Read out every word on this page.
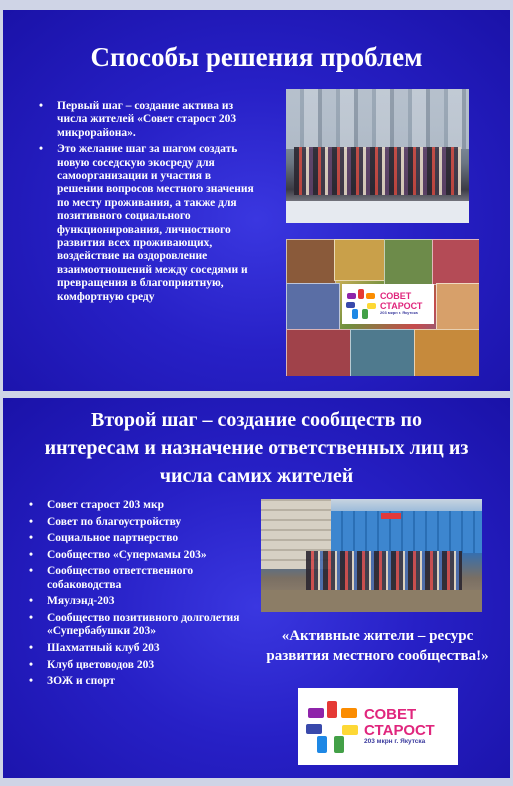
Способы решения проблем
• Первый шаг – создание актива из числа жителей «Совет старост 203 микрорайона».
• Это желание шаг за шагом создать новую соседскую экосреду для самоорганизации и участия в решении вопросов местного значения по месту проживания, а также для позитивного социального функционирования, личностного развития всех проживающих, воздействие на оздоровление взаимоотношений между соседями и превращения в благоприятную, комфортную среду	СОВЕТ СТАРОСТ
203 мкрн г. Якутска
Второй шаг – создание сообществ по интересам и назначение ответственных лиц из числа самих жителей
• Совет старост 203 мкр
• Совет по благоустройству
• Социальное партнерство
• Сообщество «Супермамы 203»
• Сообщество ответственного собаководства
• Мяулэнд-203
• Сообщество позитивного долголетия «Супербабушки 203»
• Шахматный клуб 203
• Клуб цветоводов 203
• ЗОЖ и спорт
«Активные жители – ресурс развития местного сообщества!»
СОВЕТ СТАРОСТ
203 мкрн г. Якутска
